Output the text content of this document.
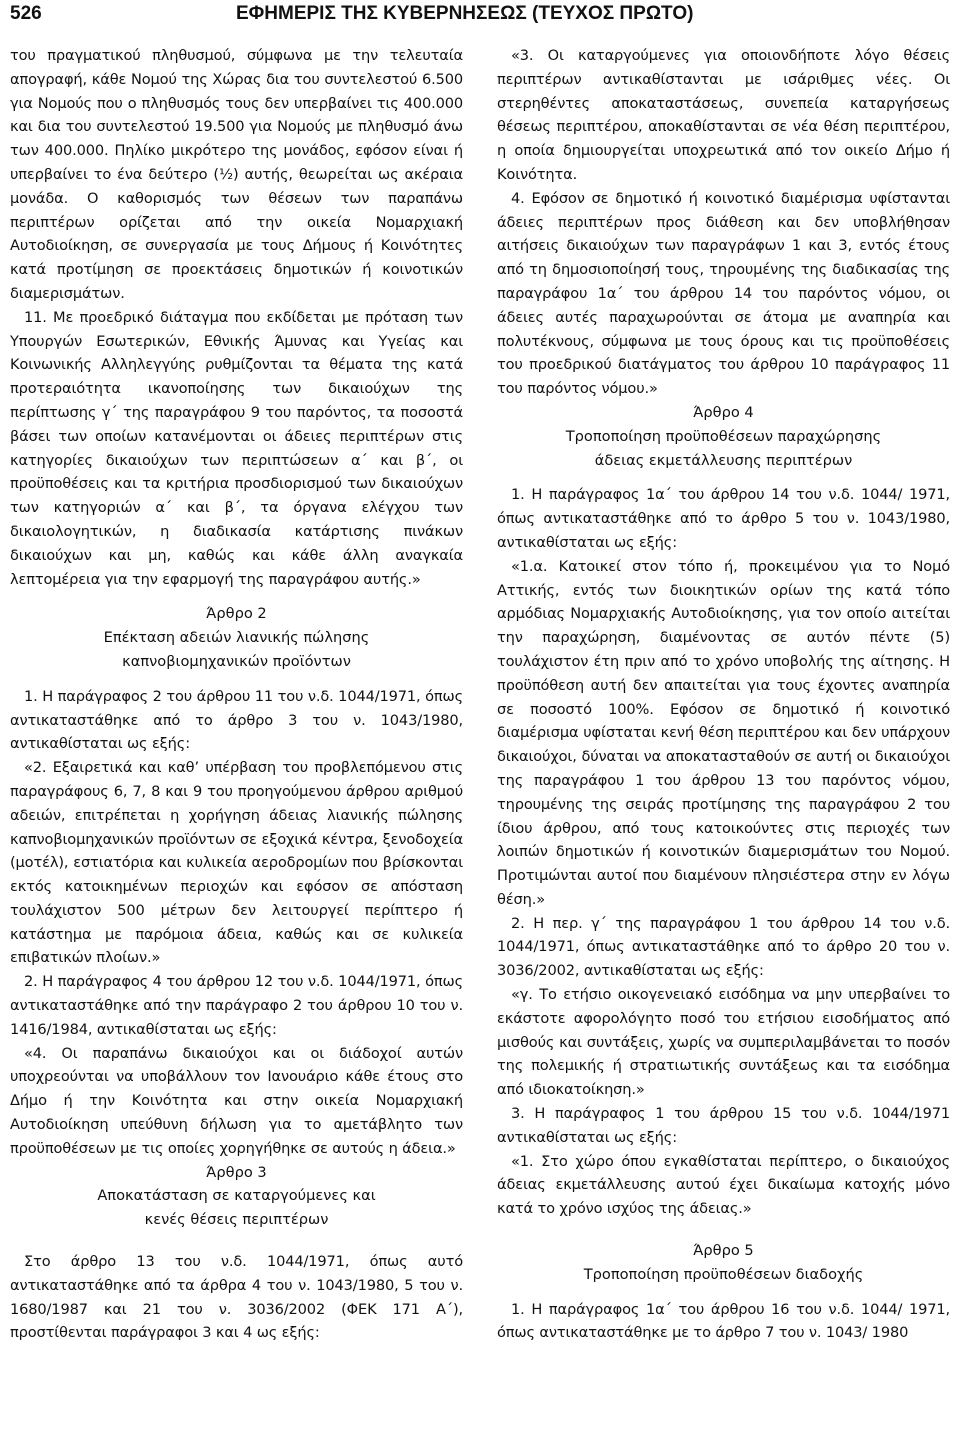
526	ΕΦΗΜΕΡΙΣ ΤΗΣ ΚΥΒΕΡΝΗΣΕΩΣ (ΤΕΥΧΟΣ ΠΡΩΤΟ)

του πραγματικού πληθυσμού, σύμφωνα με την τελευταία απογραφή, κάθε Νομού της Χώρας δια του συντελεστού 6.500 για Νομούς που ο πληθυσμός τους δεν υπερβαίνει τις 400.000 και δια του συντελεστού 19.500 για Νομούς με πληθυσμό άνω των 400.000. Πηλίκο μικρότερο της μονάδος, εφόσον είναι ή υπερβαίνει το ένα δεύτερο (½) αυτής, θεωρείται ως ακέραια μονάδα. Ο καθορισμός των θέσεων των παραπάνω περιπτέρων ορίζεται από την οικεία Νομαρχιακή Αυτοδιοίκηση, σε συνεργασία με τους Δήμους ή Κοινότητες κατά προτίμηση σε προεκτάσεις δημοτικών ή κοινοτικών διαμερισμάτων.

11. Με προεδρικό διάταγμα που εκδίδεται με πρόταση των Υπουργών Εσωτερικών, Εθνικής Άμυνας και Υγείας και Κοινωνικής Αλληλεγγύης ρυθμίζονται τα θέματα της κατά προτεραιότητα ικανοποίησης των δικαιούχων της περίπτωσης γ΄ της παραγράφου 9 του παρόντος, τα ποσοστά βάσει των οποίων κατανέμονται οι άδειες περιπτέρων στις κατηγορίες δικαιούχων των περιπτώσεων α΄ και β΄, οι προϋποθέσεις και τα κριτήρια προσδιορισμού των δικαιούχων των κατηγοριών α΄ και β΄, τα όργανα ελέγχου των δικαιολογητικών, η διαδικασία κατάρτισης πινάκων δικαιούχων και μη, καθώς και κάθε άλλη αναγκαία λεπτομέρεια για την εφαρμογή της παραγράφου αυτής.»

Άρθρο 2

Επέκταση αδειών λιανικής πώλησης

καπνοβιομηχανικών προϊόντων

1. Η παράγραφος 2 του άρθρου 11 του ν.δ. 1044/1971, όπως αντικαταστάθηκε από το άρθρο 3 του ν. 1043/1980, αντικαθίσταται ως εξής:

«2. Εξαιρετικά και καθ’ υπέρβαση του προβλεπόμενου στις παραγράφους 6, 7, 8 και 9 του προηγούμενου άρθρου αριθμού αδειών, επιτρέπεται η χορήγηση άδειας λιανικής πώλησης καπνοβιομηχανικών προϊόντων σε εξοχικά κέντρα, ξενοδοχεία (μοτέλ), εστιατόρια και κυλικεία αεροδρομίων που βρίσκονται εκτός κατοικημένων περιοχών και εφόσον σε απόσταση τουλάχιστον 500 μέτρων δεν λειτουργεί περίπτερο ή κατάστημα με παρόμοια άδεια, καθώς και σε κυλικεία επιβατικών πλοίων.»

2. Η παράγραφος 4 του άρθρου 12 του ν.δ. 1044/1971, όπως αντικαταστάθηκε από την παράγραφο 2 του άρθρου 10 του ν. 1416/1984, αντικαθίσταται ως εξής:

«4. Οι παραπάνω δικαιούχοι και οι διάδοχοί αυτών υποχρεούνται να υποβάλλουν τον Ιανουάριο κάθε έτους στο Δήμο ή την Κοινότητα και στην οικεία Νομαρχιακή Αυτοδιοίκηση υπεύθυνη δήλωση για το αμετάβλητο των προϋποθέσεων με τις οποίες χορηγήθηκε σε αυτούς η άδεια.»

Άρθρο 3

Αποκατάσταση σε καταργούμενες και

κενές θέσεις περιπτέρων

Στο άρθρο 13 του ν.δ. 1044/1971, όπως αυτό αντικαταστάθηκε από τα άρθρα 4 του ν. 1043/1980, 5 του ν. 1680/1987 και 21 του ν. 3036/2002 (ΦΕΚ 171 Α΄), προστίθενται παράγραφοι 3 και 4 ως εξής:

«3. Οι καταργούμενες για οποιονδήποτε λόγο θέσεις περιπτέρων αντικαθίστανται με ισάριθμες νέες. Οι στερηθέντες αποκαταστάσεως, συνεπεία καταργήσεως θέσεως περιπτέρου, αποκαθίστανται σε νέα θέση περιπτέρου, η οποία δημιουργείται υποχρεωτικά από τον οικείο Δήμο ή Κοινότητα.

4. Εφόσον σε δημοτικό ή κοινοτικό διαμέρισμα υφίστανται άδειες περιπτέρων προς διάθεση και δεν υποβλήθησαν αιτήσεις δικαιούχων των παραγράφων 1 και 3, εντός έτους από τη δημοσιοποίησή τους, τηρουμένης της διαδικασίας της παραγράφου 1α΄ του άρθρου 14 του παρόντος νόμου, οι άδειες αυτές παραχωρούνται σε άτομα με αναπηρία και πολυτέκνους, σύμφωνα με τους όρους και τις προϋποθέσεις του προεδρικού διατάγματος του άρθρου 10 παράγραφος 11 του παρόντος νόμου.»

Άρθρο 4

Τροποποίηση προϋποθέσεων παραχώρησης

άδειας εκμετάλλευσης περιπτέρων

1. Η παράγραφος 1α΄ του άρθρου 14 του ν.δ. 1044/ 1971, όπως αντικαταστάθηκε από το άρθρο 5 του ν. 1043/1980, αντικαθίσταται ως εξής:

«1.α. Κατοικεί στον τόπο ή, προκειμένου για το Νομό Αττικής, εντός των διοικητικών ορίων της κατά τόπο αρμόδιας Νομαρχιακής Αυτοδιοίκησης, για τον οποίο αιτείται την παραχώρηση, διαμένοντας σε αυτόν πέντε (5) τουλάχιστον έτη πριν από το χρόνο υποβολής της αίτησης. Η προϋπόθεση αυτή δεν απαιτείται για τους έχοντες αναπηρία σε ποσοστό 100%. Εφόσον σε δημοτικό ή κοινοτικό διαμέρισμα υφίσταται κενή θέση περιπτέρου και δεν υπάρχουν δικαιούχοι, δύναται να αποκατασταθούν σε αυτή οι δικαιούχοι της παραγράφου 1 του άρθρου 13 του παρόντος νόμου, τηρουμένης της σειράς προτίμησης της παραγράφου 2 του ίδιου άρθρου, από τους κατοικούντες στις περιοχές των λοιπών δημοτικών ή κοινοτικών διαμερισμάτων του Νομού. Προτιμώνται αυτοί που διαμένουν πλησιέστερα στην εν λόγω θέση.»

2. Η περ. γ΄ της παραγράφου 1 του άρθρου 14 του ν.δ. 1044/1971, όπως αντικαταστάθηκε από το άρθρο 20 του ν. 3036/2002, αντικαθίσταται ως εξής:

«γ. Το ετήσιο οικογενειακό εισόδημα να μην υπερβαίνει το εκάστοτε αφορολόγητο ποσό του ετήσιου εισοδήματος από μισθούς και συντάξεις, χωρίς να συμπεριλαμβάνεται το ποσόν της πολεμικής ή στρατιωτικής συντάξεως και τα εισόδημα από ιδιοκατοίκηση.»

3. Η παράγραφος 1 του άρθρου 15 του ν.δ. 1044/1971 αντικαθίσταται ως εξής:

«1. Στο χώρο όπου εγκαθίσταται περίπτερο, ο δικαιούχος άδειας εκμετάλλευσης αυτού έχει δικαίωμα κατοχής μόνο κατά το χρόνο ισχύος της άδειας.»

Άρθρο 5

Τροποποίηση προϋποθέσεων διαδοχής

1. Η παράγραφος 1α΄ του άρθρου 16 του ν.δ. 1044/ 1971, όπως αντικαταστάθηκε με το άρθρο 7 του ν. 1043/ 1980
